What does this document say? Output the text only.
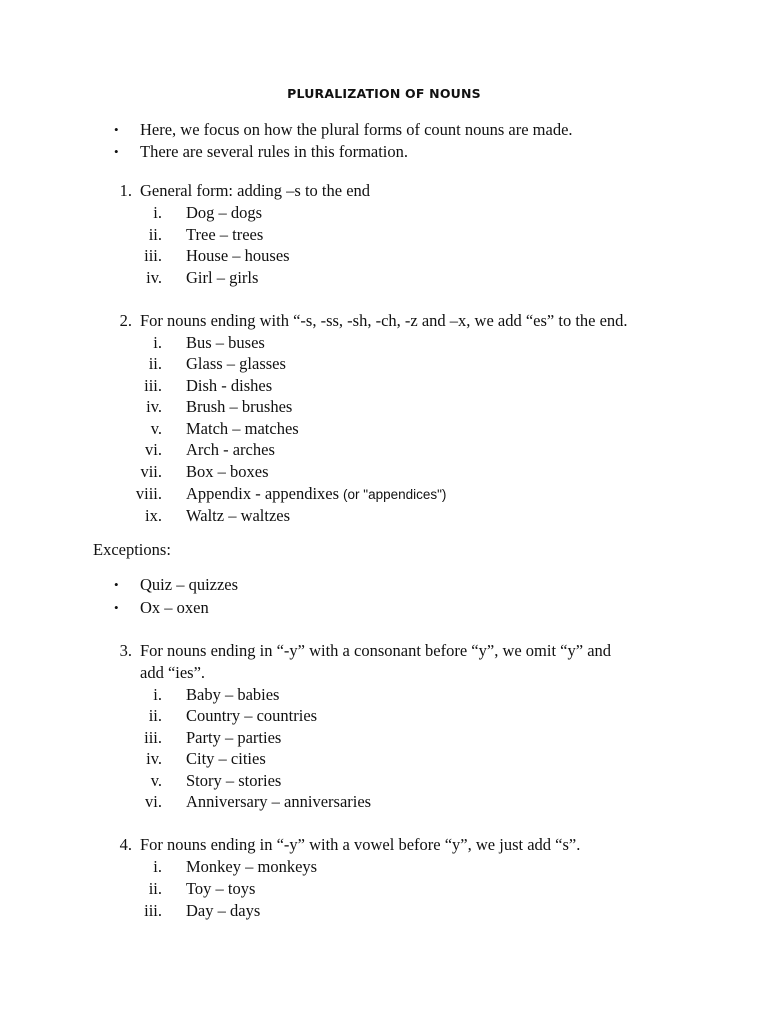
PLURALIZATION OF NOUNS
• Here, we focus on how the plural forms of count nouns are made.
• There are several rules in this formation.
1. General form: adding –s to the end
i. Dog – dogs
ii. Tree – trees
iii. House – houses
iv. Girl – girls
2. For nouns ending with “-s, -ss, -sh, -ch, -z and –x, we add “es” to the end.
i. Bus – buses
ii. Glass – glasses
iii. Dish - dishes
iv. Brush – brushes
v. Match – matches
vi. Arch - arches
vii. Box – boxes
viii. Appendix - appendixes (or "appendices")
ix. Waltz – waltzes
Exceptions:
• Quiz – quizzes
• Ox – oxen
3. For nouns ending in “-y” with a consonant before “y”, we omit “y” and
add “ies”.
i. Baby – babies
ii. Country – countries
iii. Party – parties
iv. City – cities
v. Story – stories
vi. Anniversary – anniversaries
4. For nouns ending in “-y” with a vowel before “y”, we just add “s”.
i. Monkey – monkeys
ii. Toy – toys
iii. Day – days
